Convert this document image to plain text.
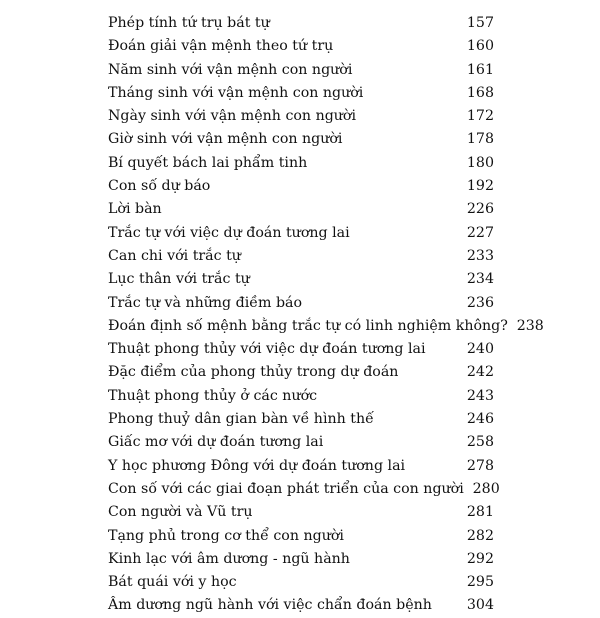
Phép tính tứ trụ bát tự	157
Đoán giải vận mệnh theo tứ trụ	160
Năm sinh với vận mệnh con người	161
Tháng sinh với vận mệnh con người	168
Ngày sinh với vận mệnh con người	172
Giờ sinh với vận mệnh con người	178
Bí quyết bách lai phẩm tinh	180
Con số dự báo	192
Lời bàn	226
Trắc tự với việc dự đoán tương lai	227
Can chi với trắc tự	233
Lục thân với trắc tự	234
Trắc tự và những điềm báo	236
Đoán định số mệnh bằng trắc tự có linh nghiệm không? 238
Thuật phong thủy với việc dự đoán tương lai	240
Đặc điểm của phong thủy trong dự đoán	242
Thuật phong thủy ở các nước	243
Phong thuỷ dân gian bàn về hình thế	246
Giấc mơ với dự đoán tương lai	258
Y học phương Đông với dự đoán tương lai	278
Con số với các giai đoạn phát triển của con người 280
Con người và Vũ trụ	281
Tạng phủ trong cơ thể con người	282
Kinh lạc với âm dương - ngũ hành	292
Bát quái với y học	295
Âm dương ngũ hành với việc chẩn đoán bệnh 304
